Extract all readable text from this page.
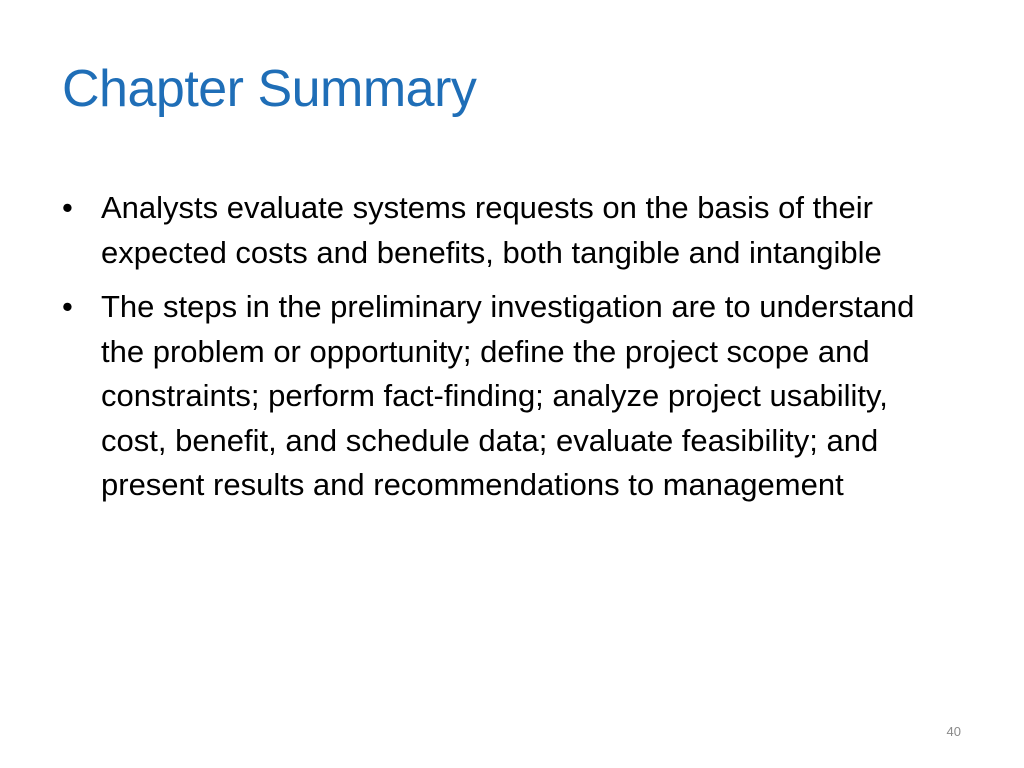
Chapter Summary
• Analysts evaluate systems requests on the basis of their expected costs and benefits, both tangible and intangible
• The steps in the preliminary investigation are to understand the problem or opportunity; define the project scope and constraints; perform fact-finding; analyze project usability, cost, benefit, and schedule data; evaluate feasibility; and present results and recommendations to management
40
